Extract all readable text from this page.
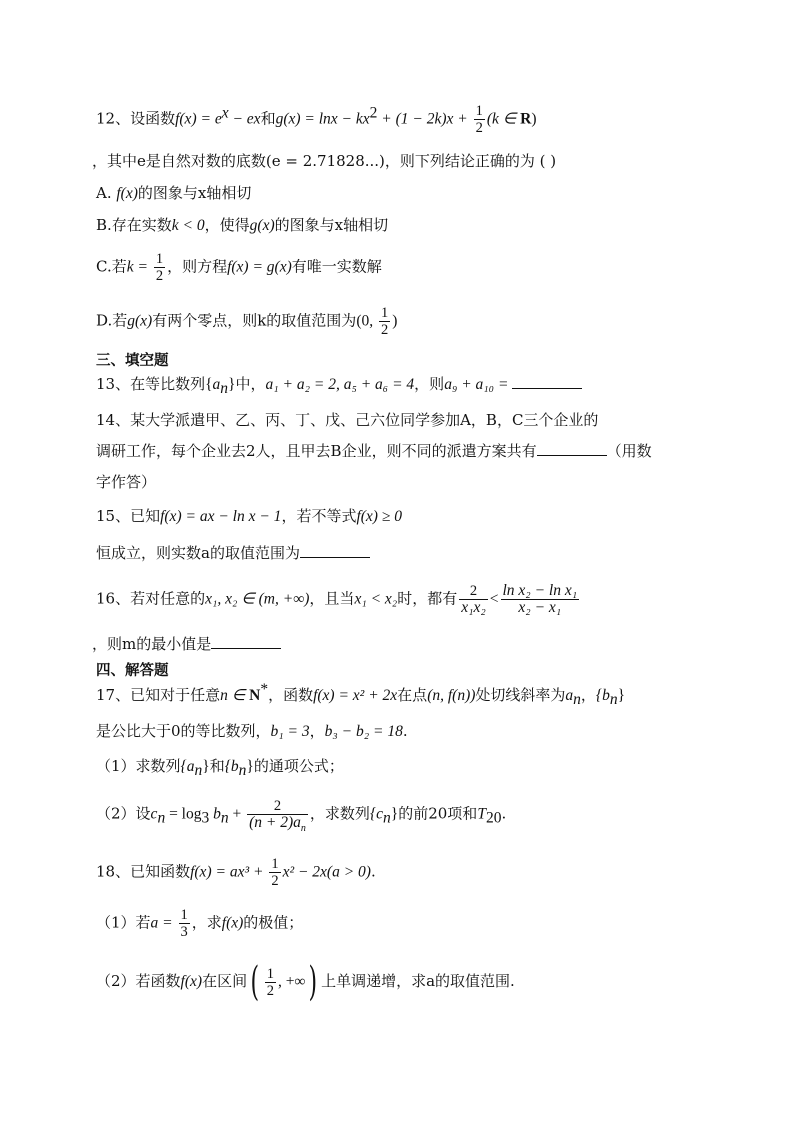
12、设函数$f(x) = e^x$ − ex和$g(x) = \ln x - kx^2 + (1 - 2k)x + \frac{1}{2} (k$ ∈ R)
，其中e是自然对数的底数(e = 2.71828...)，则下列结论正确的为 ( )
A. f(x)的图象与x轴相切
B.存在实数k < 0，使得g(x)的图象与x轴相切
C.若$k = \frac{1}{2}$ ，则方程f(x) = g(x)有唯一实数解
D.若g(x)有两个零点，则k的取值范围为(0, $\frac{1}{2}$ )
三、填空题
13、在等比数列$\{a_n\}$中，a₁ + a₂ = 2, a₅ + a₆ = 4，则a₉ + a₁₀ =
14、某大学派遣甲、乙、丙、丁、戊、己六位同学参加A，B，C三个企业的
调研工作，每个企业去2人，且甲去B企业，则不同的派遣方案共有	（用数
字作答）
15、已知f(x) = ax − ln x − 1，若不等式f(x) ≥ 0
恒成立，则实数a的取值范围为
16、若对任意的x₁, x₂ ∈ (m, +∞)，且当x₁ < x₂时，都有 $\frac{2}{\text{x₁x₂}} < \frac{\text{ln x₂ − ln x₁}}{\text{x₂ − x₁}}$
，则m的最小值是
四、解答题
17、已知对于任意n ∈ N*，函数f(x) = x² + 2x在点(n, f(n))处切线斜率为$a_n$，$\{b_n\}$
是公比大于0的等比数列，b₁ = 3，b₃ − b₂ = 18.
（1）求数列$\{a_n\}$和$\{b_n\}$的通项公式；
（2）设$c_n = \log_3 b_n + \frac{2}{(n + 2)a_n}$ ，求数列$\{c_n\}$的前20项和$T_{20}$.
18、已知函数$f(x) = ax^3 + \frac{1}{2} x^2 - 2x(a > 0)$.
（1）若$a = \frac{1}{3}$ ，求f(x)的极值；
（2）若函数f(x)在区间( $\frac{1}{2}$ , +∞) 上单调递增，求a的取值范围.
